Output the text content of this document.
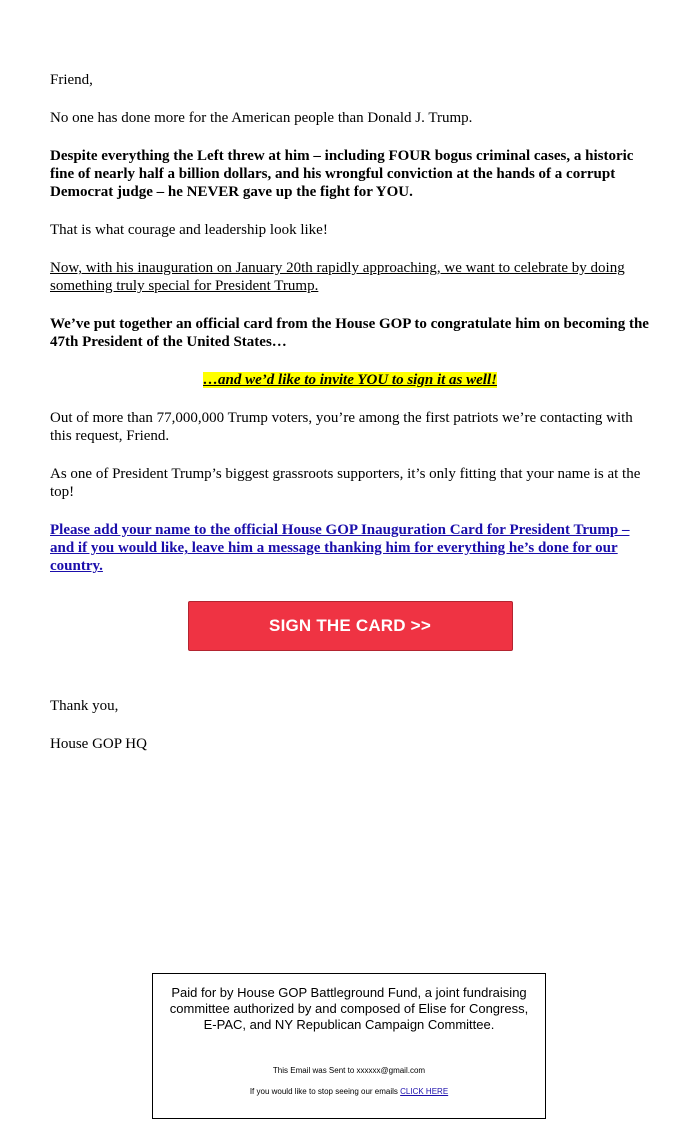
Friend,

No one has done more for the American people than Donald J. Trump.

Despite everything the Left threw at him – including FOUR bogus criminal cases, a historic fine of nearly half a billion dollars, and his wrongful conviction at the hands of a corrupt Democrat judge – he NEVER gave up the fight for YOU.

That is what courage and leadership look like!

Now, with his inauguration on January 20th rapidly approaching, we want to celebrate by doing something truly special for President Trump.

We’ve put together an official card from the House GOP to congratulate him on becoming the 47th President of the United States…

…and we’d like to invite YOU to sign it as well!

Out of more than 77,000,000 Trump voters, you’re among the first patriots we’re contacting with this request, Friend.

As one of President Trump’s biggest grassroots supporters, it’s only fitting that your name is at the top!

Please add your name to the official House GOP Inauguration Card for President Trump – and if you would like, leave him a message thanking him for everything he’s done for our country.

SIGN THE CARD >>

Thank you,

House GOP HQ

Paid for by House GOP Battleground Fund, a joint fundraising committee authorized by and composed of Elise for Congress, E-PAC, and NY Republican Campaign Committee.
This Email was Sent to xxxxxx@gmail.com
If you would like to stop seeing our emails CLICK HERE
